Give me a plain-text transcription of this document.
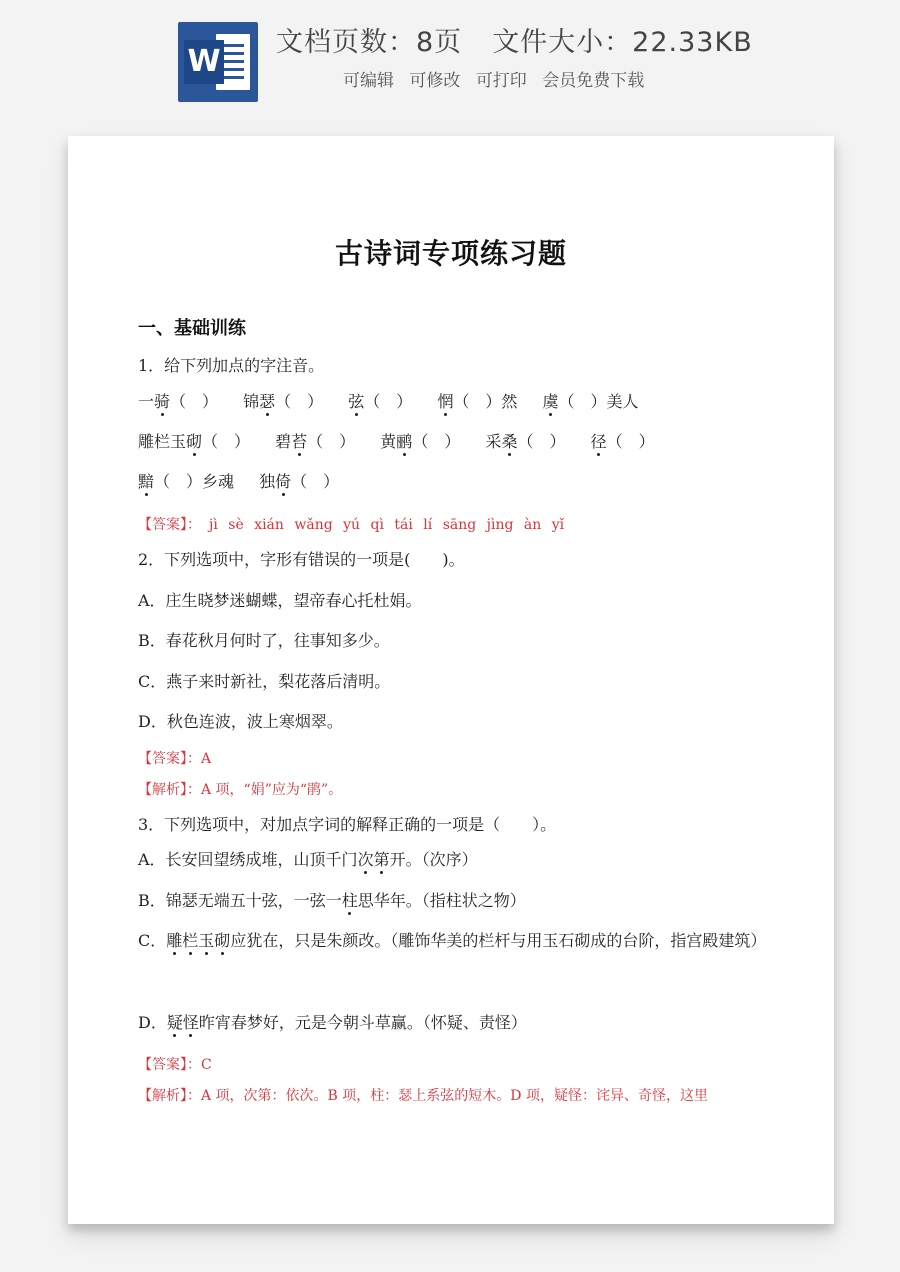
W
文档页数：8页 文件大小：22.33KB
可编辑 可修改 可打印 会员免费下载
古诗词专项练习题
一、基础训练
1．给下列加点的字注音。
一骑（　） 锦瑟（　） 弦（　） 惘（　）然 虞（　）美人
雕栏玉砌（　） 碧苔（　） 黄鹂（　） 采桑（　） 径（　）
黯（　）乡魂 独倚（　）
【答案】： jì sè xián wǎng yú qì tái lí sāng jìng àn yǐ
2．下列选项中，字形有错误的一项是(　　)。
A．庄生晓梦迷蝴蝶，望帝春心托杜娟。
B．春花秋月何时了，往事知多少。
C．燕子来时新社，梨花落后清明。
D．秋色连波，波上寒烟翠。
【答案】：A
【解析】：A 项，“娟”应为“鹃”。
3．下列选项中，对加点字词的解释正确的一项是（　　）。
A．长安回望绣成堆，山顶千门次第开。（次序）
B．锦瑟无端五十弦，一弦一柱思华年。（指柱状之物）
C．雕栏玉砌应犹在，只是朱颜改。（雕饰华美的栏杆与用玉石砌成的台阶，指宫殿建筑）
D．疑怪昨宵春梦好，元是今朝斗草赢。（怀疑、责怪）
【答案】：C
【解析】：A 项，次第：依次。B 项，柱：瑟上系弦的短木。D 项，疑怪：诧异、奇怪，这里
